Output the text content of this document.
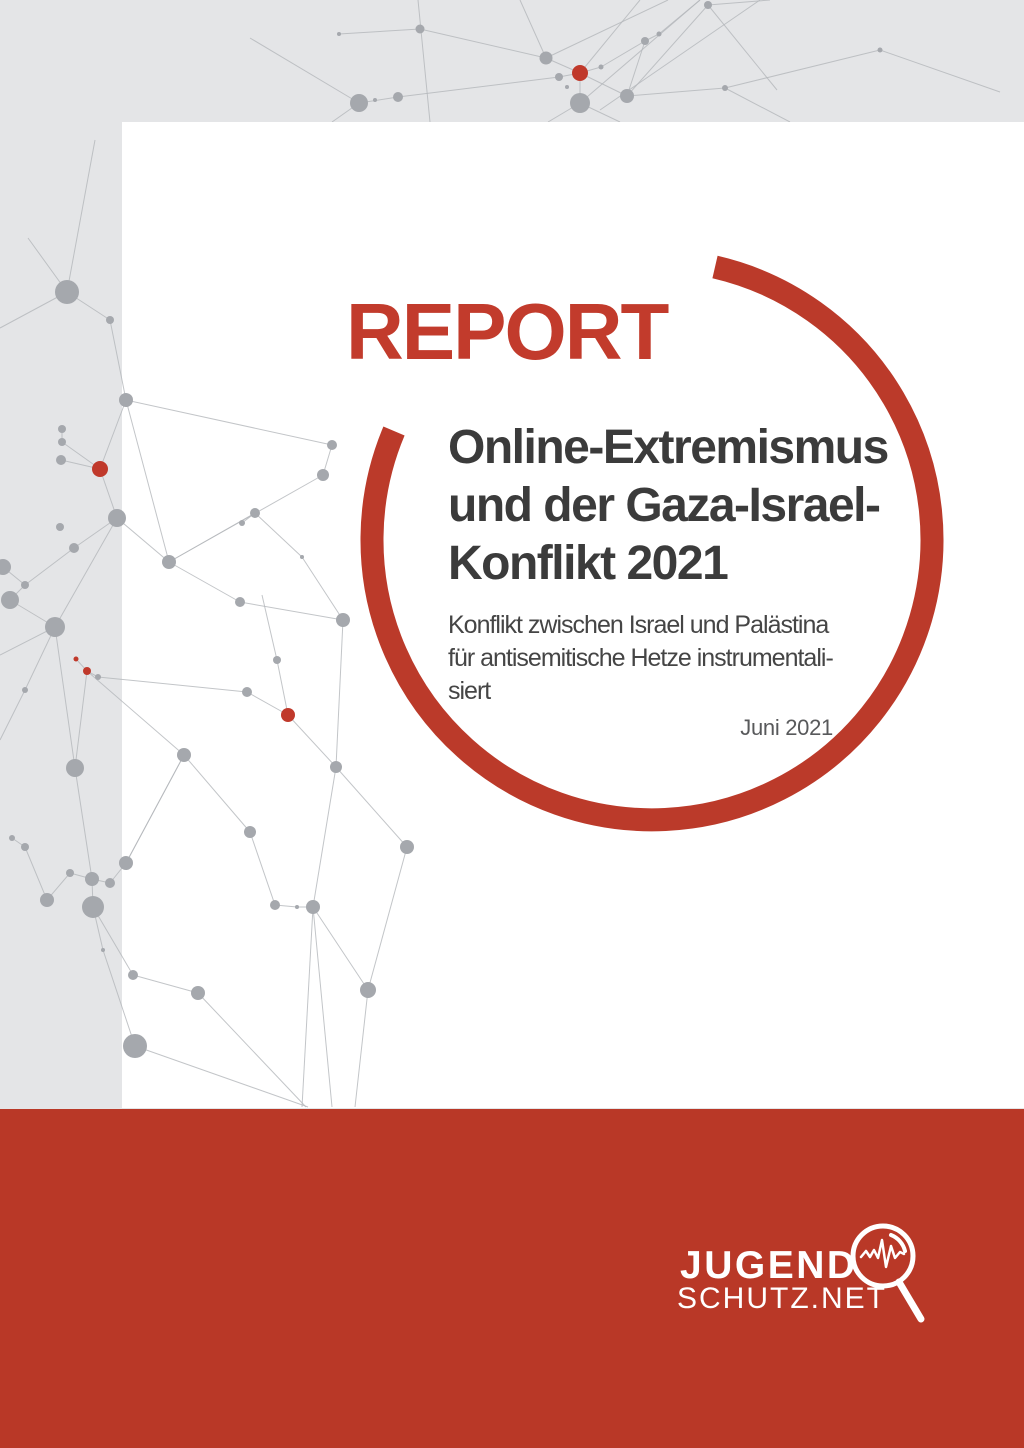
REPORT
Online-Extremismus
und der Gaza-Israel-
Konflikt 2021
Konflikt zwischen Israel und Palästina
für antisemitische Hetze instrumentali-
siert
Juni 2021
JUGEND
SCHUTZ.NET
